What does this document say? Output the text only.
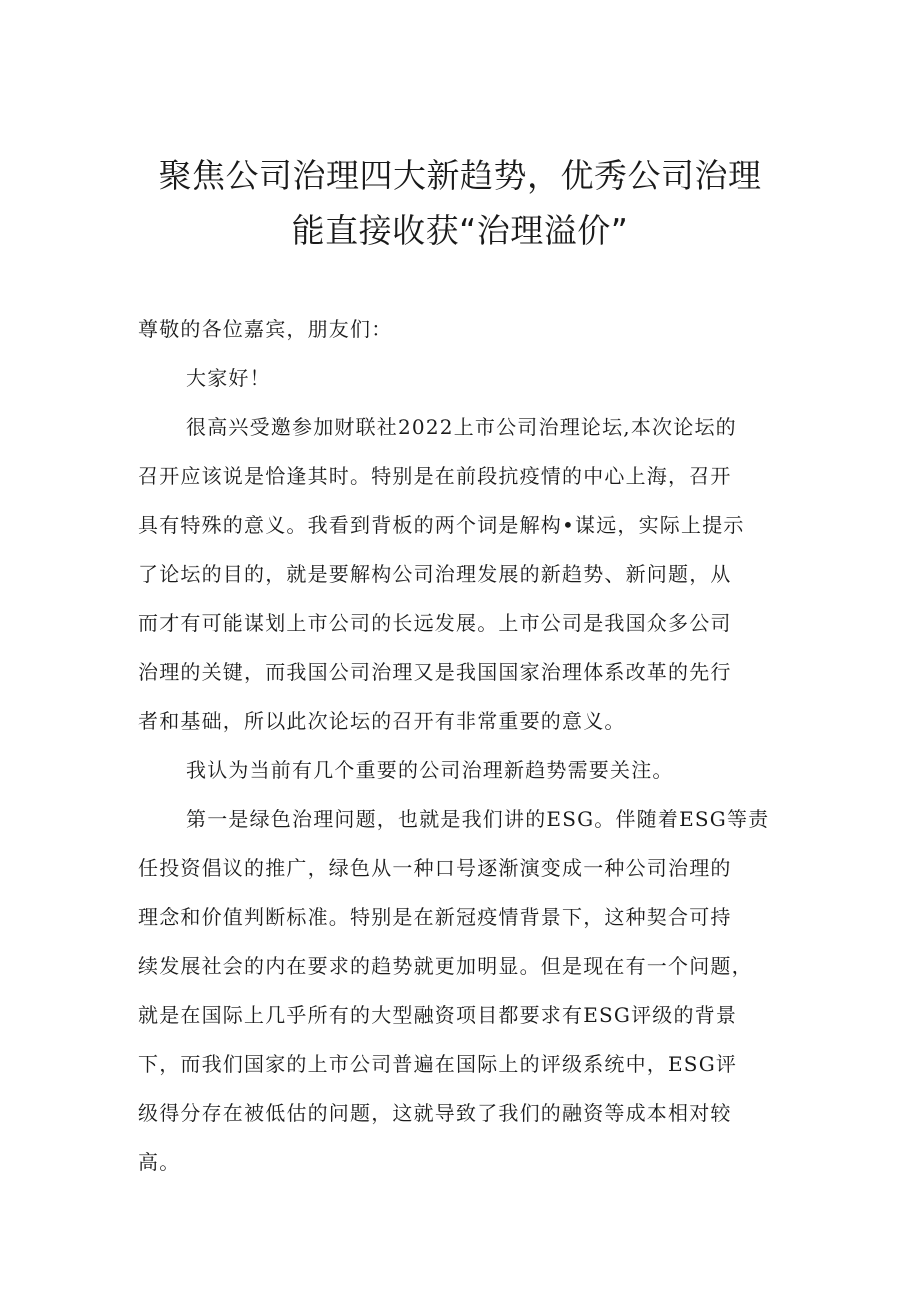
聚焦公司治理四大新趋势，优秀公司治理
能直接收获“治理溢价”
尊敬的各位嘉宾，朋友们：
大家好！
很高兴受邀参加财联社2022上市公司治理论坛,本次论坛的
召开应该说是恰逢其时。特别是在前段抗疫情的中心上海，召开
具有特殊的意义。我看到背板的两个词是解构•谋远，实际上提示
了论坛的目的，就是要解构公司治理发展的新趋势、新问题，从
而才有可能谋划上市公司的长远发展。上市公司是我国众多公司
治理的关键，而我国公司治理又是我国国家治理体系改革的先行
者和基础，所以此次论坛的召开有非常重要的意义。
我认为当前有几个重要的公司治理新趋势需要关注。
第一是绿色治理问题，也就是我们讲的ESG。伴随着ESG等责
任投资倡议的推广，绿色从一种口号逐渐演变成一种公司治理的
理念和价值判断标准。特别是在新冠疫情背景下，这种契合可持
续发展社会的内在要求的趋势就更加明显。但是现在有一个问题，
就是在国际上几乎所有的大型融资项目都要求有ESG评级的背景
下，而我们国家的上市公司普遍在国际上的评级系统中，ESG评
级得分存在被低估的问题，这就导致了我们的融资等成本相对较
高。
